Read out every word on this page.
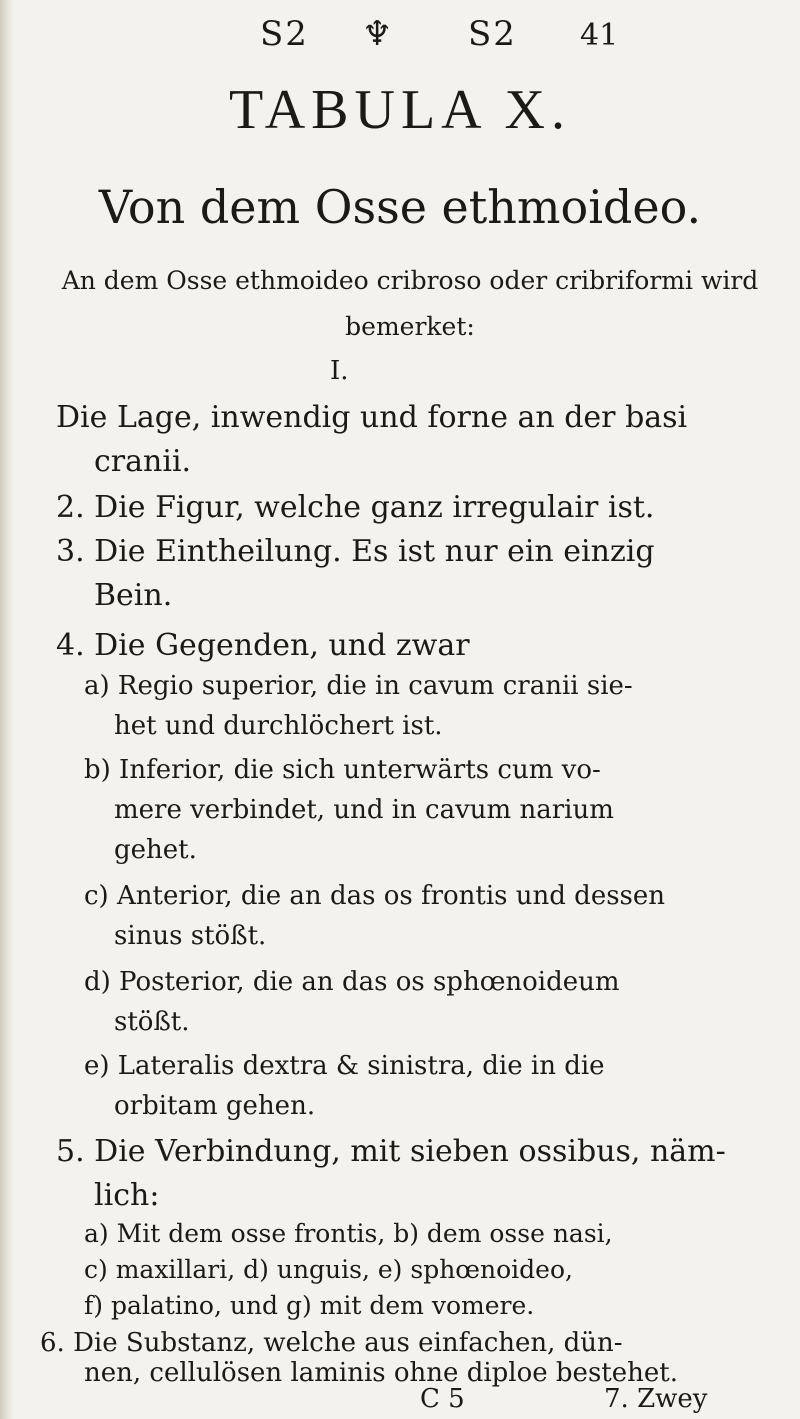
S2 ♆ S2 41
TABULA X.
Von dem Osse ethmoideo.
An dem Osse ethmoideo cribroso oder cribriformi wird
bemerket:
I.
Die Lage, inwendig und forne an der basi
cranii.
2. Die Figur, welche ganz irregulair ist.
3. Die Eintheilung. Es ist nur ein einzig
Bein.
4. Die Gegenden, und zwar
a) Regio superior, die in cavum cranii sie-
het und durchlöchert ist.
b) Inferior, die sich unterwärts cum vo-
mere verbindet, und in cavum narium
gehet.
c) Anterior, die an das os frontis und dessen
sinus stößt.
d) Posterior, die an das os sphœnoideum
stößt.
e) Lateralis dextra & sinistra, die in die
orbitam gehen.
5. Die Verbindung, mit sieben ossibus, näm-
lich:
a) Mit dem osse frontis, b) dem osse nasi,
c) maxillari, d) unguis, e) sphœnoideo,
f) palatino, und g) mit dem vomere.
6. Die Substanz, welche aus einfachen, dün-
nen, cellulösen laminis ohne diploe bestehet.
C 5	7. Zwey
